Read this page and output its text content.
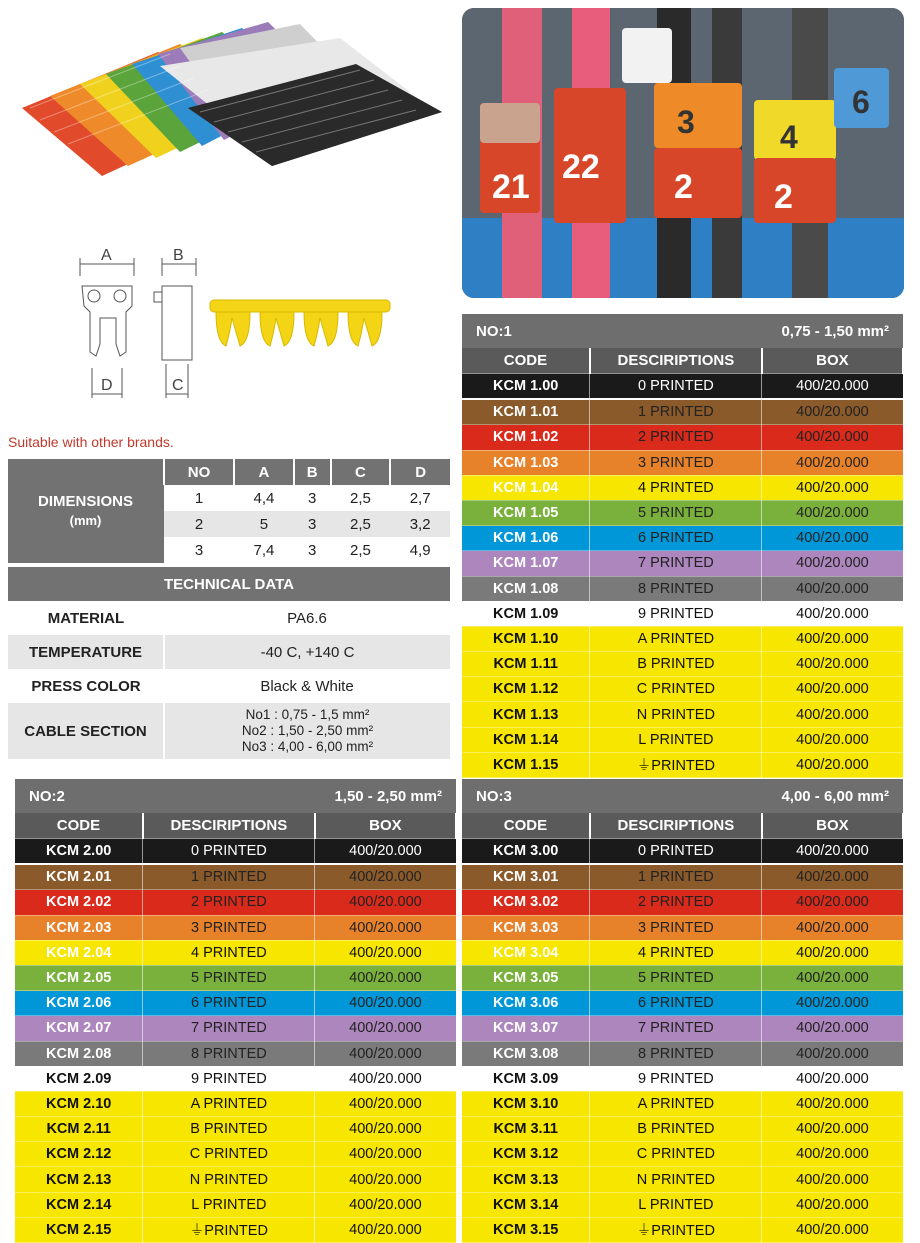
21
22
2 2
3	4
6
A	B
D	C
Suitable with other brands.
DIMENSIONS
(mm)	NO	A	B	C	D
	1	4,4	3	2,5	2,7
	2	5	3	2,5	3,2
	3	7,4	3	2,5	4,9
TECHNICAL DATA	
MATERIAL	PA6.6
TEMPERATURE	-40 C, +140 C
PRESS COLOR	Black & White
CABLE SECTION	No1 : 0,75 - 1,5 mm²
No2 : 1,50 - 2,50 mm²
No3 : 4,00 - 6,00 mm²
NO:1 0,75 - 1,50 mm²		

CODE	DESCIRIPTIONS	BOX
KCM 1.00	0 PRINTED	400/20.000
KCM 1.01	1 PRINTED	400/20.000
KCM 1.02	2 PRINTED	400/20.000
KCM 1.03	3 PRINTED	400/20.000
KCM 1.04	4 PRINTED	400/20.000
KCM 1.05	5 PRINTED	400/20.000
KCM 1.06	6 PRINTED	400/20.000
KCM 1.07	7 PRINTED	400/20.000
KCM 1.08	8 PRINTED	400/20.000
KCM 1.09	9 PRINTED	400/20.000
KCM 1.10	A PRINTED	400/20.000
KCM 1.11	B PRINTED	400/20.000
KCM 1.12	C PRINTED	400/20.000
KCM 1.13	N PRINTED	400/20.000
KCM 1.14	L PRINTED	400/20.000
KCM 1.15	⏚PRINTED	400/20.000
NO:2 1,50 - 2,50 mm²		

CODE	DESCIRIPTIONS	BOX
KCM 2.00	0 PRINTED	400/20.000
KCM 2.01	1 PRINTED	400/20.000
KCM 2.02	2 PRINTED	400/20.000
KCM 2.03	3 PRINTED	400/20.000
KCM 2.04	4 PRINTED	400/20.000
KCM 2.05	5 PRINTED	400/20.000
KCM 2.06	6 PRINTED	400/20.000
KCM 2.07	7 PRINTED	400/20.000
KCM 2.08	8 PRINTED	400/20.000
KCM 2.09	9 PRINTED	400/20.000
KCM 2.10	A PRINTED	400/20.000
KCM 2.11	B PRINTED	400/20.000
KCM 2.12	C PRINTED	400/20.000
KCM 2.13	N PRINTED	400/20.000
KCM 2.14	L PRINTED	400/20.000
KCM 2.15	⏚PRINTED	400/20.000
NO:3 4,00 - 6,00 mm²		

CODE	DESCIRIPTIONS	BOX
KCM 3.00	0 PRINTED	400/20.000
KCM 3.01	1 PRINTED	400/20.000
KCM 3.02	2 PRINTED	400/20.000
KCM 3.03	3 PRINTED	400/20.000
KCM 3.04	4 PRINTED	400/20.000
KCM 3.05	5 PRINTED	400/20.000
KCM 3.06	6 PRINTED	400/20.000
KCM 3.07	7 PRINTED	400/20.000
KCM 3.08	8 PRINTED	400/20.000
KCM 3.09	9 PRINTED	400/20.000
KCM 3.10	A PRINTED	400/20.000
KCM 3.11	B PRINTED	400/20.000
KCM 3.12	C PRINTED	400/20.000
KCM 3.13	N PRINTED	400/20.000
KCM 3.14	L PRINTED	400/20.000
KCM 3.15	⏚PRINTED	400/20.000
